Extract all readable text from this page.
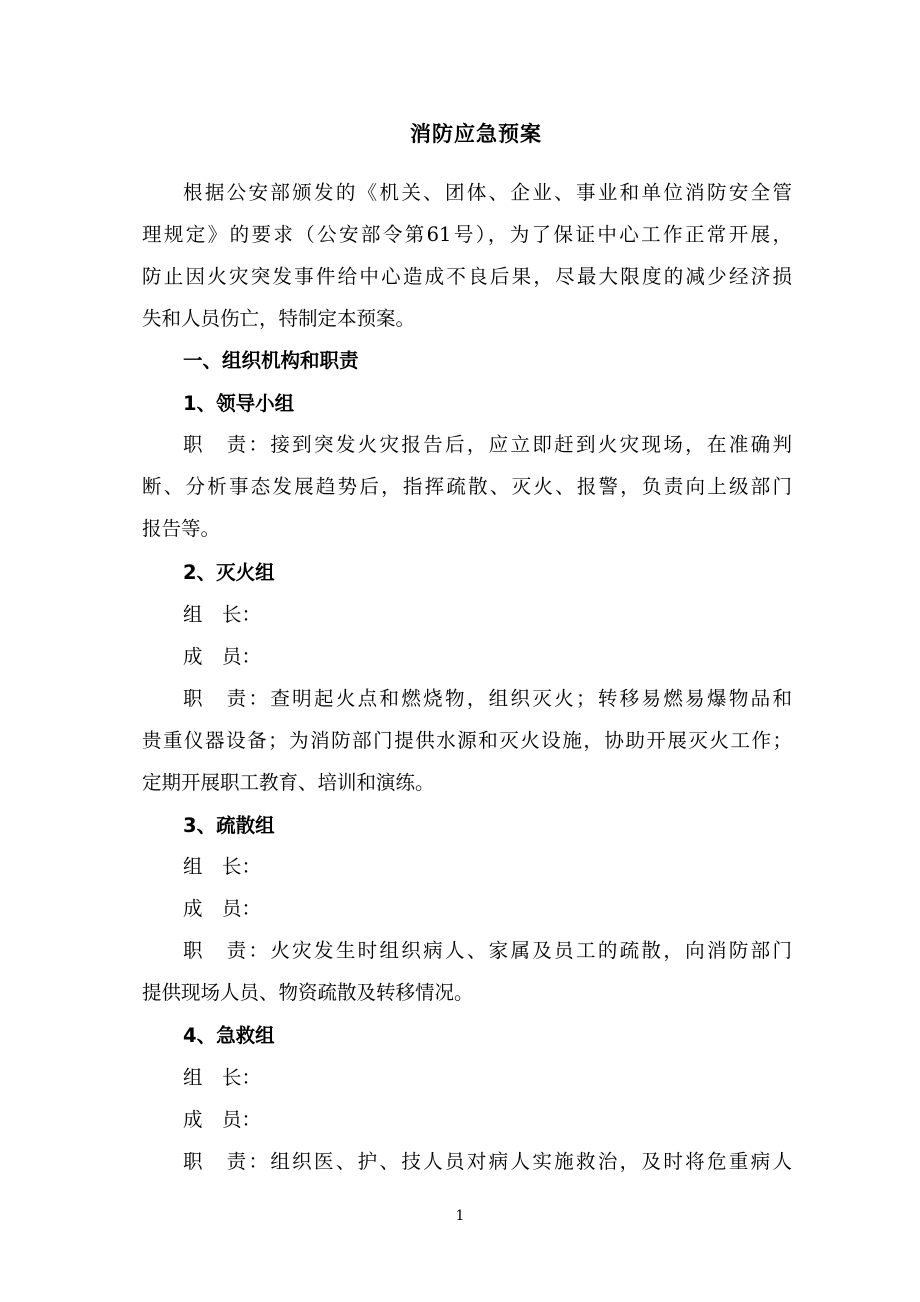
消防应急预案
根据公安部颁发的《机关、团体、企业、事业和单位消防安全管
理规定》的要求（公安部令第61号），为了保证中心工作正常开展，
防止因火灾突发事件给中心造成不良后果，尽最大限度的减少经济损
失和人员伤亡，特制定本预案。
一、组织机构和职责
1、领导小组
职　责：接到突发火灾报告后，应立即赶到火灾现场，在准确判
断、分析事态发展趋势后，指挥疏散、灭火、报警，负责向上级部门
报告等。
2、灭火组
组　长：
成　员：
职　责：查明起火点和燃烧物，组织灭火；转移易燃易爆物品和
贵重仪器设备；为消防部门提供水源和灭火设施，协助开展灭火工作；
定期开展职工教育、培训和演练。
3、疏散组
组　长：
成　员：
职　责：火灾发生时组织病人、家属及员工的疏散，向消防部门
提供现场人员、物资疏散及转移情况。
4、急救组
组　长：
成　员：
职　责：组织医、护、技人员对病人实施救治，及时将危重病人
1
